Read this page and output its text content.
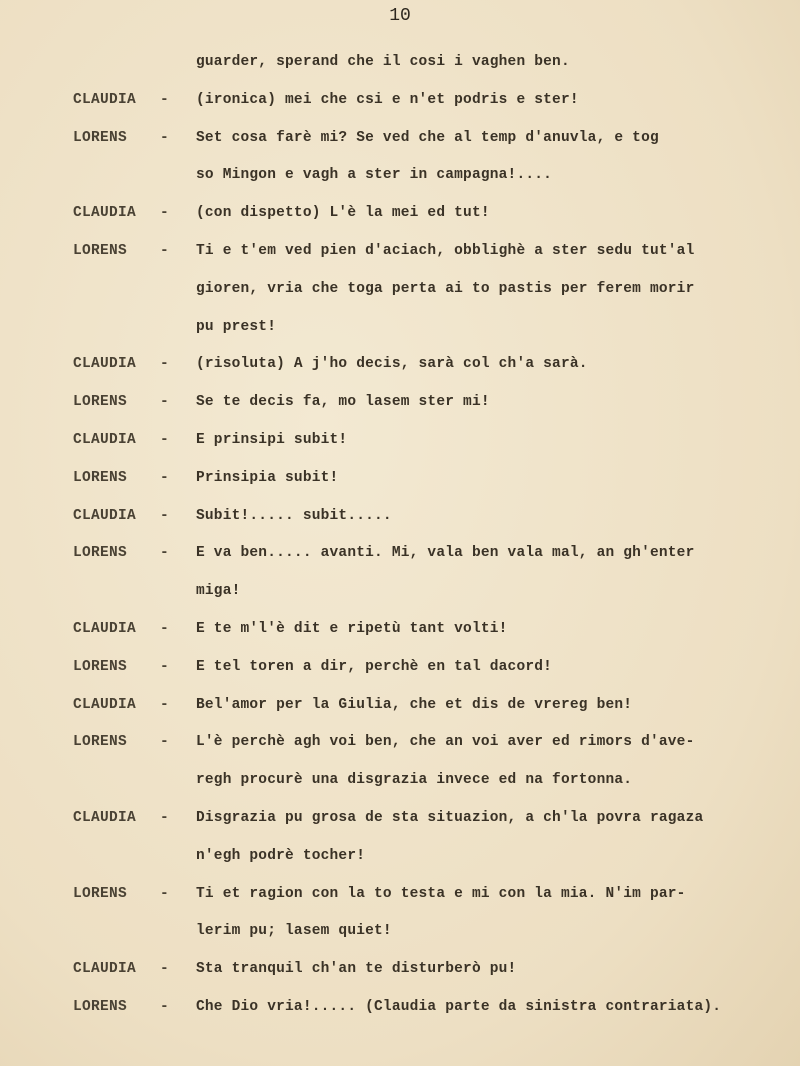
10
guarder, sperand che il cosi i vaghen ben.
CLAUDIA	- (ironica) mei che csi e n'et podris e ster!
LORENS	- Set cosa farè mi? Se ved che al temp d'anuvla, e tog
so Mingon e vagh a ster in campagna!....
CLAUDIA	- (con dispetto) L'è la mei ed tut!
LORENS	- Ti e t'em ved pien d'aciach, obblighè a ster sedu tut'al
gioren, vria che toga perta ai to pastis per ferem morir
pu prest!
CLAUDIA	- (risoluta) A j'ho decis, sarà col ch'a sarà.
LORENS	- Se te decis fa, mo lasem ster mi!
CLAUDIA	- E prinsipi subit!
LORENS	- Prinsipia subit!
CLAUDIA	- Subit!..... subit.....
LORENS	- E va ben..... avanti. Mi, vala ben vala mal, an gh'enter
miga!
CLAUDIA	- E te m'l'è dit e ripetù tant volti!
LORENS	- E tel toren a dir, perchè en tal dacord!
CLAUDIA	- Bel'amor per la Giulia, che et dis de vrereg ben!
LORENS	- L'è perchè agh voi ben, che an voi aver ed rimors d'ave-
regh procurè una disgrazia invece ed na fortonna.
CLAUDIA	- Disgrazia pu grosa de sta situazion, a ch'la povra ragaza
n'egh podrè tocher!
LORENS	- Ti et ragion con la to testa e mi con la mia. N'im par-
lerim pu; lasem quiet!
CLAUDIA	- Sta tranquil ch'an te disturberò pu!
LORENS	- Che Dio vria!..... (Claudia parte da sinistra contrariata).
